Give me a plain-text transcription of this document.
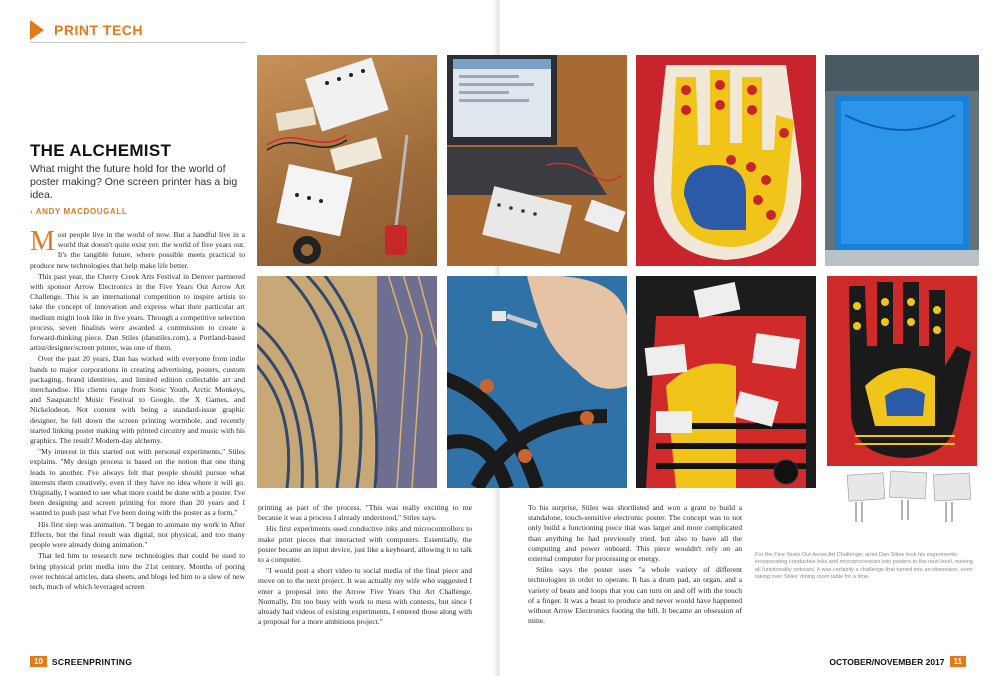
PRINT TECH
THE ALCHEMIST
What might the future hold for the world of poster making? One screen printer has a big idea.
› ANDY MACDOUGALL

Most people live in the world of now. But a handful live in a world that doesn't quite exist yet: the world of five years out. It's the tangible future, where possible meets practical to produce new technologies that help make life better.

This past year, the Cherry Creek Arts Festival in Denver partnered with sponsor Arrow Electronics in the Five Years Out Arrow Art Challenge. This is an international competition to inspire artists to take the concept of innovation and express what their particular art medium might look like in five years. Through a competitive selection process, seven finalists were awarded a commission to create a forward-thinking piece. Dan Stiles (danstiles.com), a Portland-based artist/designer/screen printer, was one of them.

Over the past 20 years, Dan has worked with everyone from indie bands to major corporations in creating advertising, posters, custom packaging, brand identities, and limited edition collectable art and merchandise. His clients range from Sonic Youth, Arctic Monkeys, and Sasquatch! Music Festival to Google, the X Games, and Nickelodeon. Not content with being a standard-issue graphic designer, he fell down the screen printing wormhole, and recently started linking poster making with printed circuitry and music with his graphics. The result? Modern-day alchemy.

"My interest in this started out with personal experiments," Stiles explains. "My design process is based on the notion that one thing leads to another. I've always felt that people should pursue what interests them creatively, even if they have no idea where it will go. Originally, I wanted to see what more could be done with a poster. I've been designing and screen printing for more than 20 years and I wanted to push past what I've been doing with the poster as a form."

His first step was animation. "I began to animate my work in After Effects, but the final result was digital, not physical, and too many people were already doing animation."

That led him to research new technologies that could be used to bring physical print media into the 21st century. Months of poring over technical articles, data sheets, and blogs led him to a slew of new tech, much of which leveraged screen

printing as part of the process. "This was really exciting to me because it was a process I already understood," Stiles says.

His first experiments used conductive inks and microcontrollers to make print pieces that interacted with computers. Essentially, the poster became an input device, just like a keyboard, allowing it to talk to a computer.

"I would post a short video to social media of the final piece and move on to the next project. It was actually my wife who suggested I enter a proposal into the Arrow Five Years Out Art Challenge. Normally, I'm too busy with work to mess with contests, but since I already had videos of existing experiments, I entered those along with a proposal for a more ambitious project."

10	SCREENPRINTING

To his surprise, Stiles was shortlisted and won a grant to build a standalone, touch-sensitive electronic poster. The concept was to not only build a functioning piece that was larger and more complicated than anything he had previously tried, but also to have all the computing and power onboard. This piece wouldn't rely on an external computer for processing or energy.

Stiles says the poster uses "a whole variety of different technologies in order to operate. It has a drum pad, an organ, and a variety of beats and loops that you can turn on and off with the touch of a finger. It was a beast to produce and never would have happened without Arrow Electronics footing the bill. It became an obsession of mine.

For the Five Years Out Arrow Art Challenge, artist Dan Stiles took his experiments incorporating conductive inks and microprocessors into posters to the next level, moving all functionality onboard. It was certainly a challenge that turned into an obsession, even taking over Stiles' dining room table for a time.
OCTOBER/NOVEMBER 2017	11
